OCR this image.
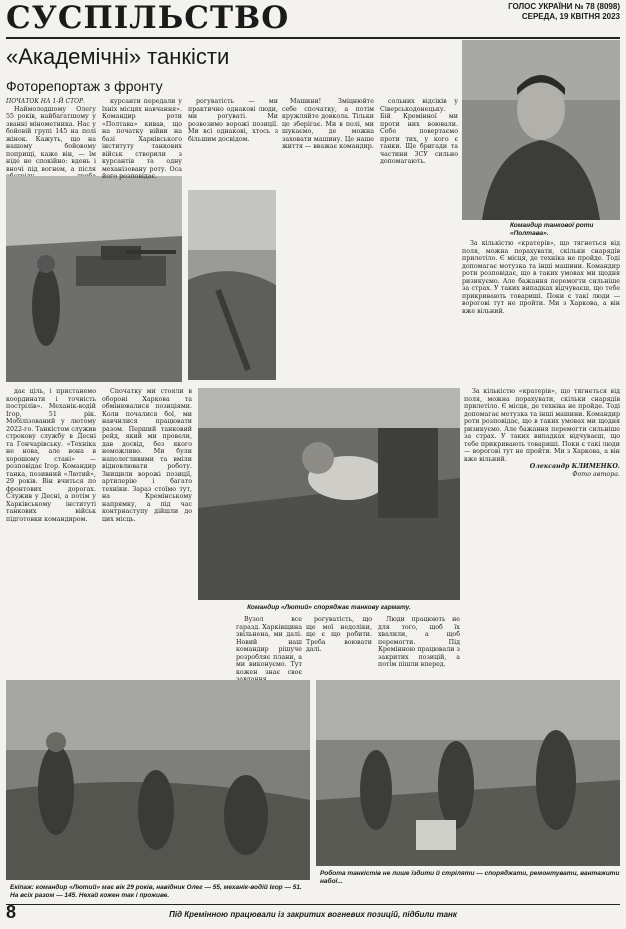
СУСПІЛЬСТВО	ГОЛОС УКРАЇНИ № 78 (8098)
СЕРЕДА, 19 КВІТНЯ 2023
«Академічні» танкісти
Фоторепортаж з фронту

ПОЧАТОК НА 1-Й СТОР.

Наймолодшому Олегу 55 років, найбагатшому у званні мінометника. Нас у бойовій групі 145 на полі жінок. Кажуть, що на нашому бойовому поприщі, каже він, — їм ніде не спокійно: вдень і вночі під вогнем, а після

курсанти передали у їхніх місцях навчання». Командир роти «Полтава» кивав, що на початку війни на базі Харківського інституту танкових військ створили з курсантів та одну механізовану роту. Оса його розповідає.

рогуватість — ми практично однакові люди, ми рогуваті. Ми розвозимо ворожі позиції. Ми всі однакові, хтось з більшим досвідом.

Машини! Зміцнюйте себе спочатку, а потім кружляйте довкола. Тільки це зберігає. Ми в полі, ми шукаємо, де можна заховати машину. Це наше життя — вважає командир.

сольних відсіків у Сіверськодонецьку. Бій Кремінної ми проти них воювали. Себе повертаємо проти тих, у кого є танки. Ще бригади та частини ЗСУ сильно допомагають.

Командир танкової роти «Полтава».

За кількістю «кратерів», що тягнеться від поля, можна порахувати, скільки снарядів прилетіло. Є місця, де техніка не пройде. Тоді допомагає мотузка та інші машини. Командир роти розповідає, що в таких умовах ми щодня ризикуємо. Але бажання перемогти сильніше за страх. У таких випадках відчуваєш, що тебе прикривають товариші. Поки є такі люди — ворогові тут не пройти. Ми з Харкова, а він вже вільний.

дає ціль, і пристанемо координати і точність пострілів». Механік-водій Ігор, 51 рік. Мобілізований у лютому 2022-го. Танкістом служив строкову службу в Десні та Гончарівську. «Техніка не нова, але вона в хорошому стані» — розповідає Ігор. Командир танка, позивний «Лютий», 29 років. Він вчиться по фронтових дорогах. Служив у Десні, а потім у Харківському інституті танкових військ підготовки командиром.

Спочатку ми стояли в обороні Харкова та обмінювалися позиціями. Коли почалися бої, ми навчилися працювати разом. Перший танковий рейд, який ми провели, дав досвід, без якого неможливо. Ми були наполегливими та вміли відновлювати роботу. Знищили ворожі позиції, артилерію і багато техніки. Зараз стоїмо тут, на Кремінському напрямку, а під час контрнаступу дійшли до цих місць.

Командир «Лютий» споряджає танкову гармату.

За кількістю «кратерів», що тягнеться від поля, можна порахувати, скільки снарядів прилетіло. Є місця, де техніка не пройде. Тоді допомагає мотузка та інші машини. Командир роти розповідає, що в таких умовах ми щодня ризикуємо. Але бажання перемогти сильніше за страх. У таких випадках відчуваєш, що тебе прикривають товариші. Поки є такі люди — ворогові тут не пройти. Ми з Харкова, а він вже вільний.

Олександр КЛИМЕНКО.

Фото автора.

Вузол все гаразд. Харківщина звільнена, ми далі. Новий наш командир рішуче розробляє плани, а ми виконуємо. Тут кожен знає своє

рогуватість, що ще мої недоліки, ще є що робити. Треба воювати далі.

Люди працюють не для того, щоб їх хвалили, а щоб перемогти. Під Кремінною працювали з закритих позицій, а потім пішли вперед.

Екіпаж: командир «Лютий» має вік 29 років, навідник Олег — 55, механік-водій Ігор — 51. На всіх разом — 145. Нехай кожен так і проживе.
Робота танкістів не лише їздити й стріляти — споряджати, ремонтувати, вантажити набої...
8	Під Кремінною працювали із закритих вогневих позицій, підбили танк
